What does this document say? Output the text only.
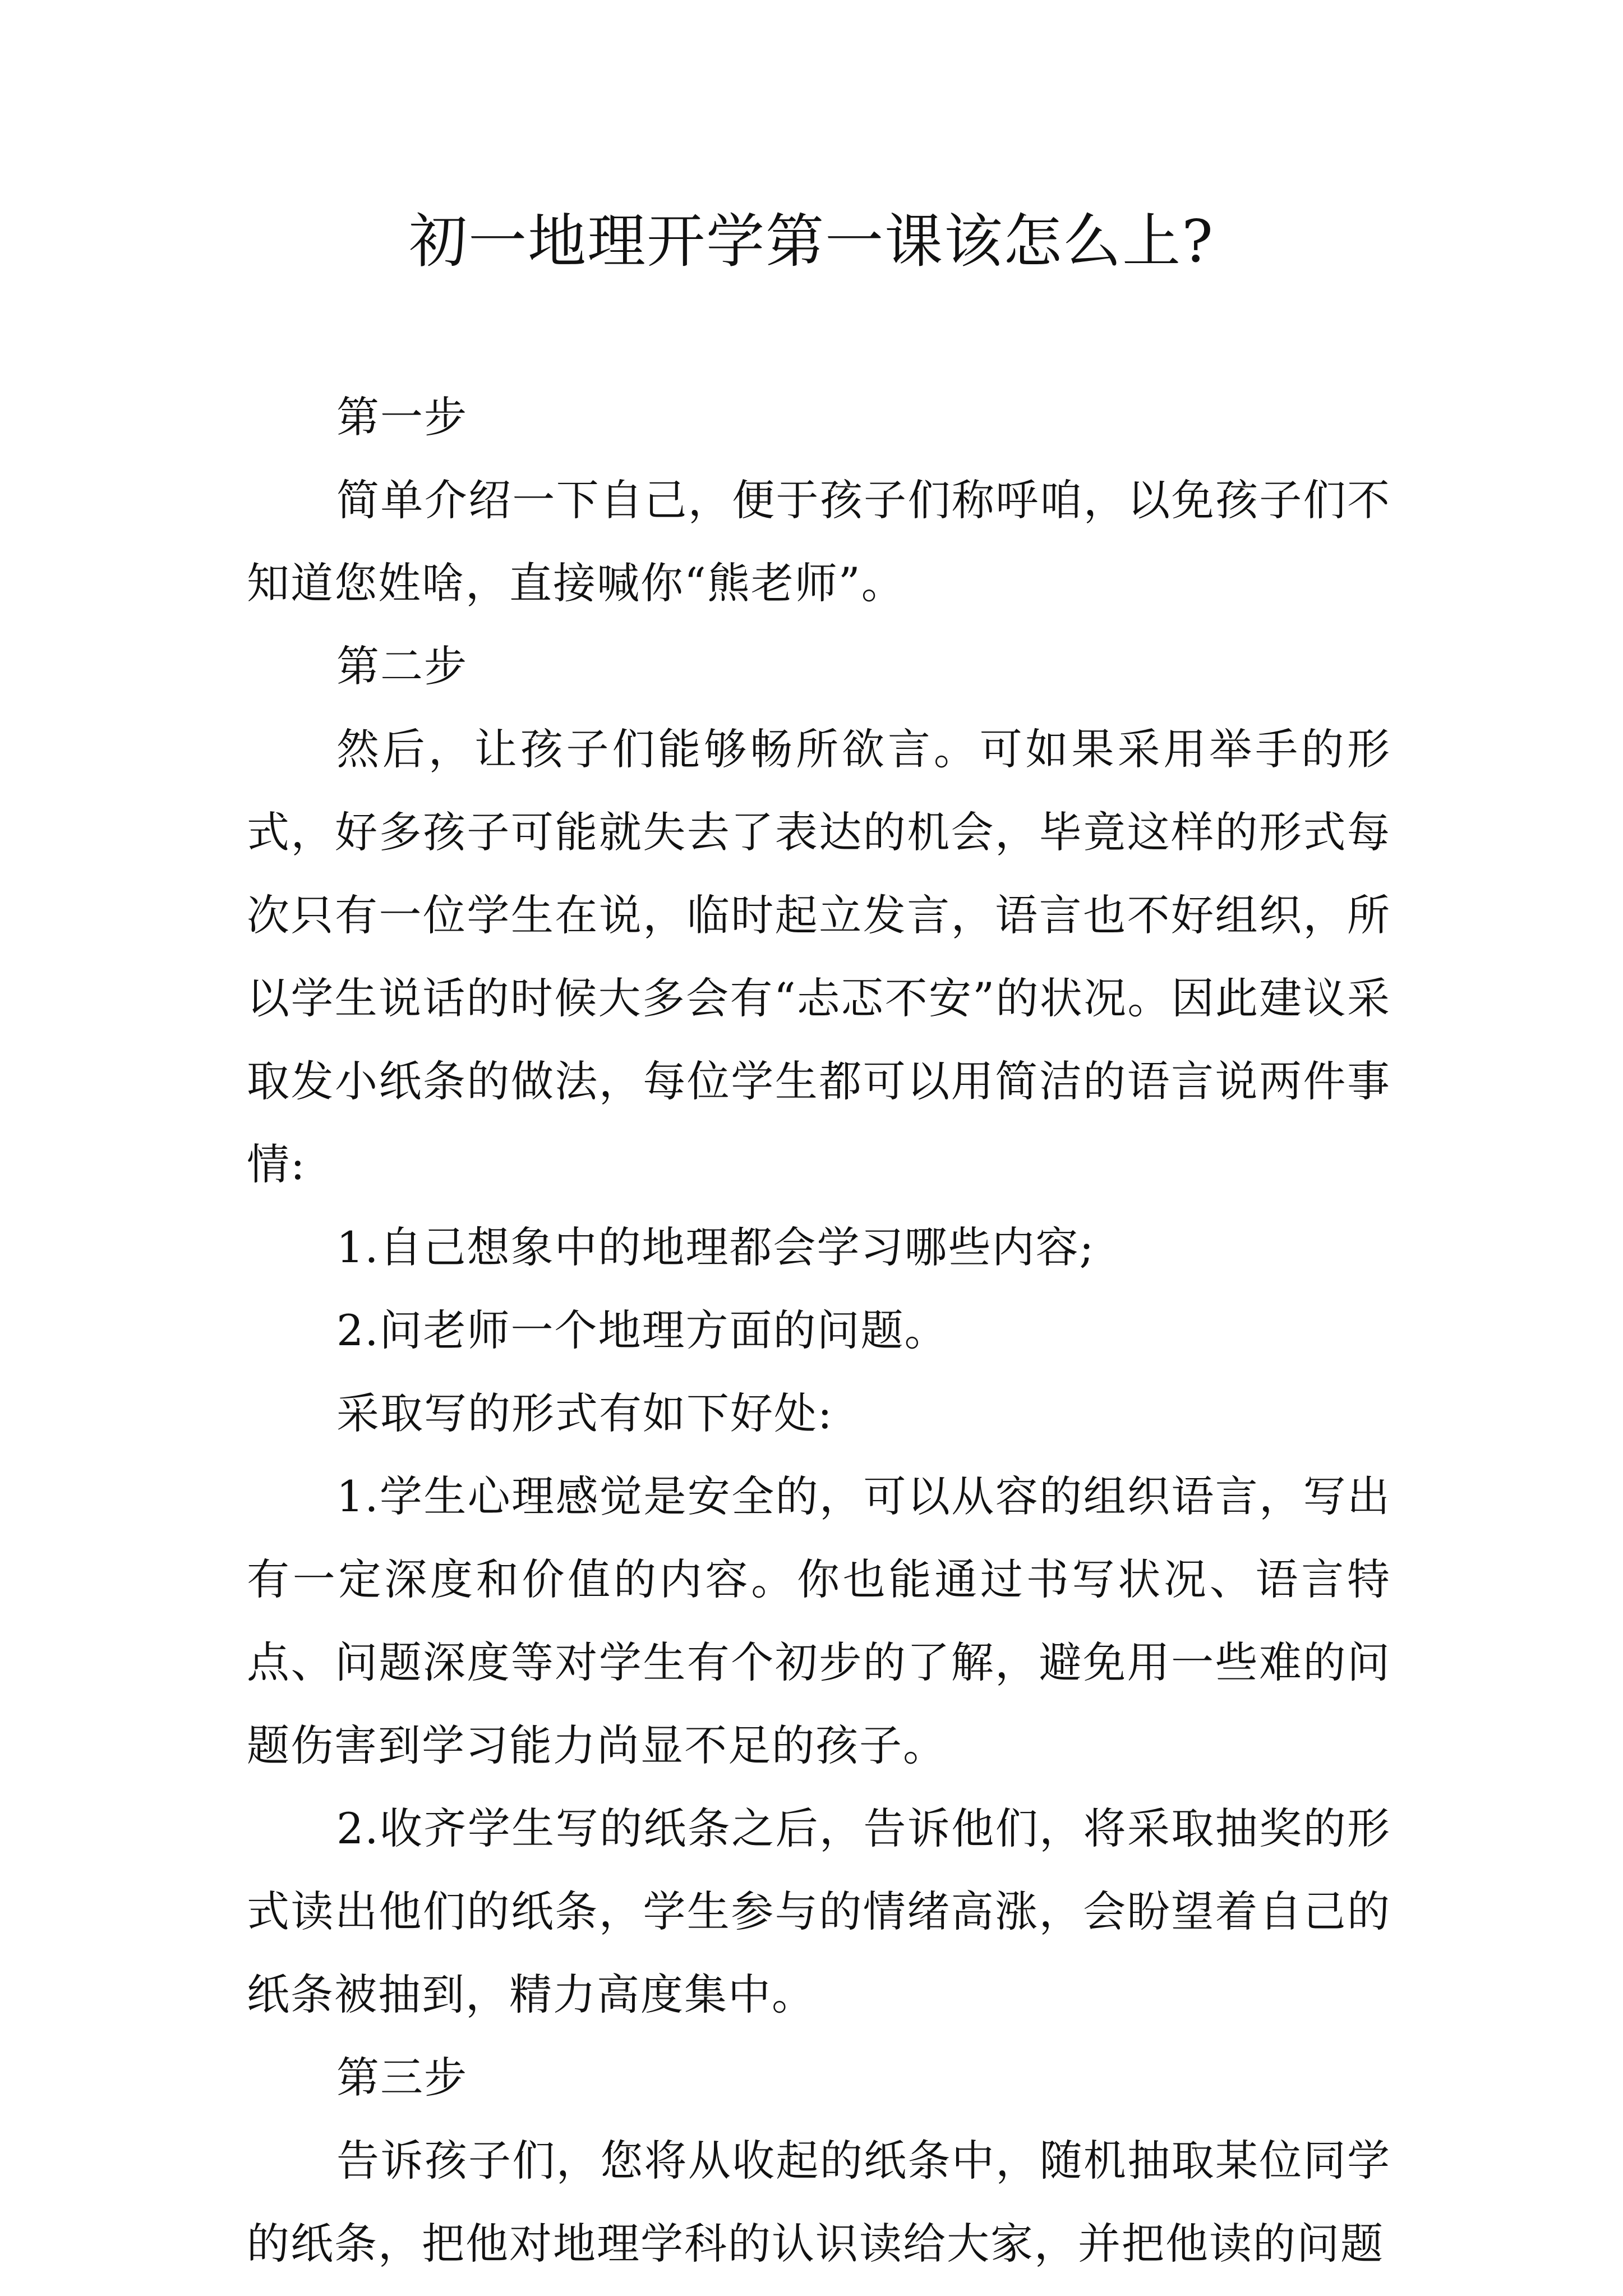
初一地理开学第一课该怎么上?

第一步

简单介绍一下自己，便于孩子们称呼咱，以免孩子们不知道您姓啥，直接喊你“熊老师”。

第二步

然后，让孩子们能够畅所欲言。可如果采用举手的形式，好多孩子可能就失去了表达的机会，毕竟这样的形式每次只有一位学生在说，临时起立发言，语言也不好组织，所以学生说话的时候大多会有“忐忑不安”的状况。因此建议采取发小纸条的做法，每位学生都可以用简洁的语言说两件事情:

1.自己想象中的地理都会学习哪些内容;

2.问老师一个地理方面的问题。

采取写的形式有如下好处:

1.学生心理感觉是安全的，可以从容的组织语言，写出有一定深度和价值的内容。你也能通过书写状况、语言特点、问题深度等对学生有个初步的了解，避免用一些难的问题伤害到学习能力尚显不足的孩子。

2.收齐学生写的纸条之后，告诉他们，将采取抽奖的形式读出他们的纸条，学生参与的情绪高涨，会盼望着自己的纸条被抽到，精力高度集中。

第三步

告诉孩子们，您将从收起的纸条中，随机抽取某位同学的纸条，把他对地理学科的认识读给大家，并把他读的问题
